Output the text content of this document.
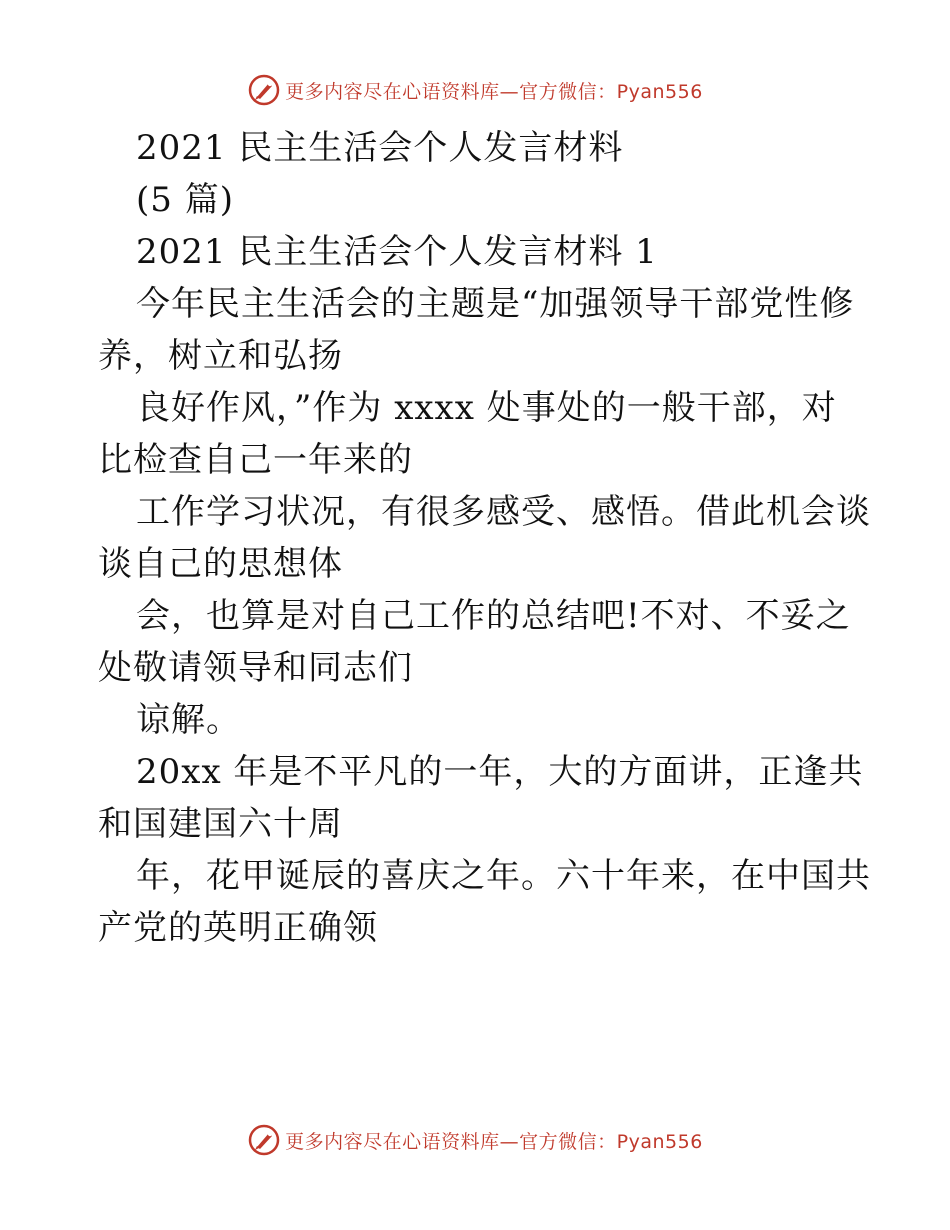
更多内容尽在心语资料库—官方微信：Pyan556
2021 民主生活会个人发言材料
(5 篇)
2021 民主生活会个人发言材料 1
今年民主生活会的主题是“加强领导干部党性修
养，树立和弘扬
良好作风，”作为 xxxx 处事处的一般干部，对
比检查自己一年来的
工作学习状况，有很多感受、感悟。借此机会谈
谈自己的思想体
会，也算是对自己工作的总结吧!不对、不妥之
处敬请领导和同志们
谅解。
20xx 年是不平凡的一年，大的方面讲，正逢共
和国建国六十周
年，花甲诞辰的喜庆之年。六十年来，在中国共
产党的英明正确领
更多内容尽在心语资料库—官方微信：Pyan556
